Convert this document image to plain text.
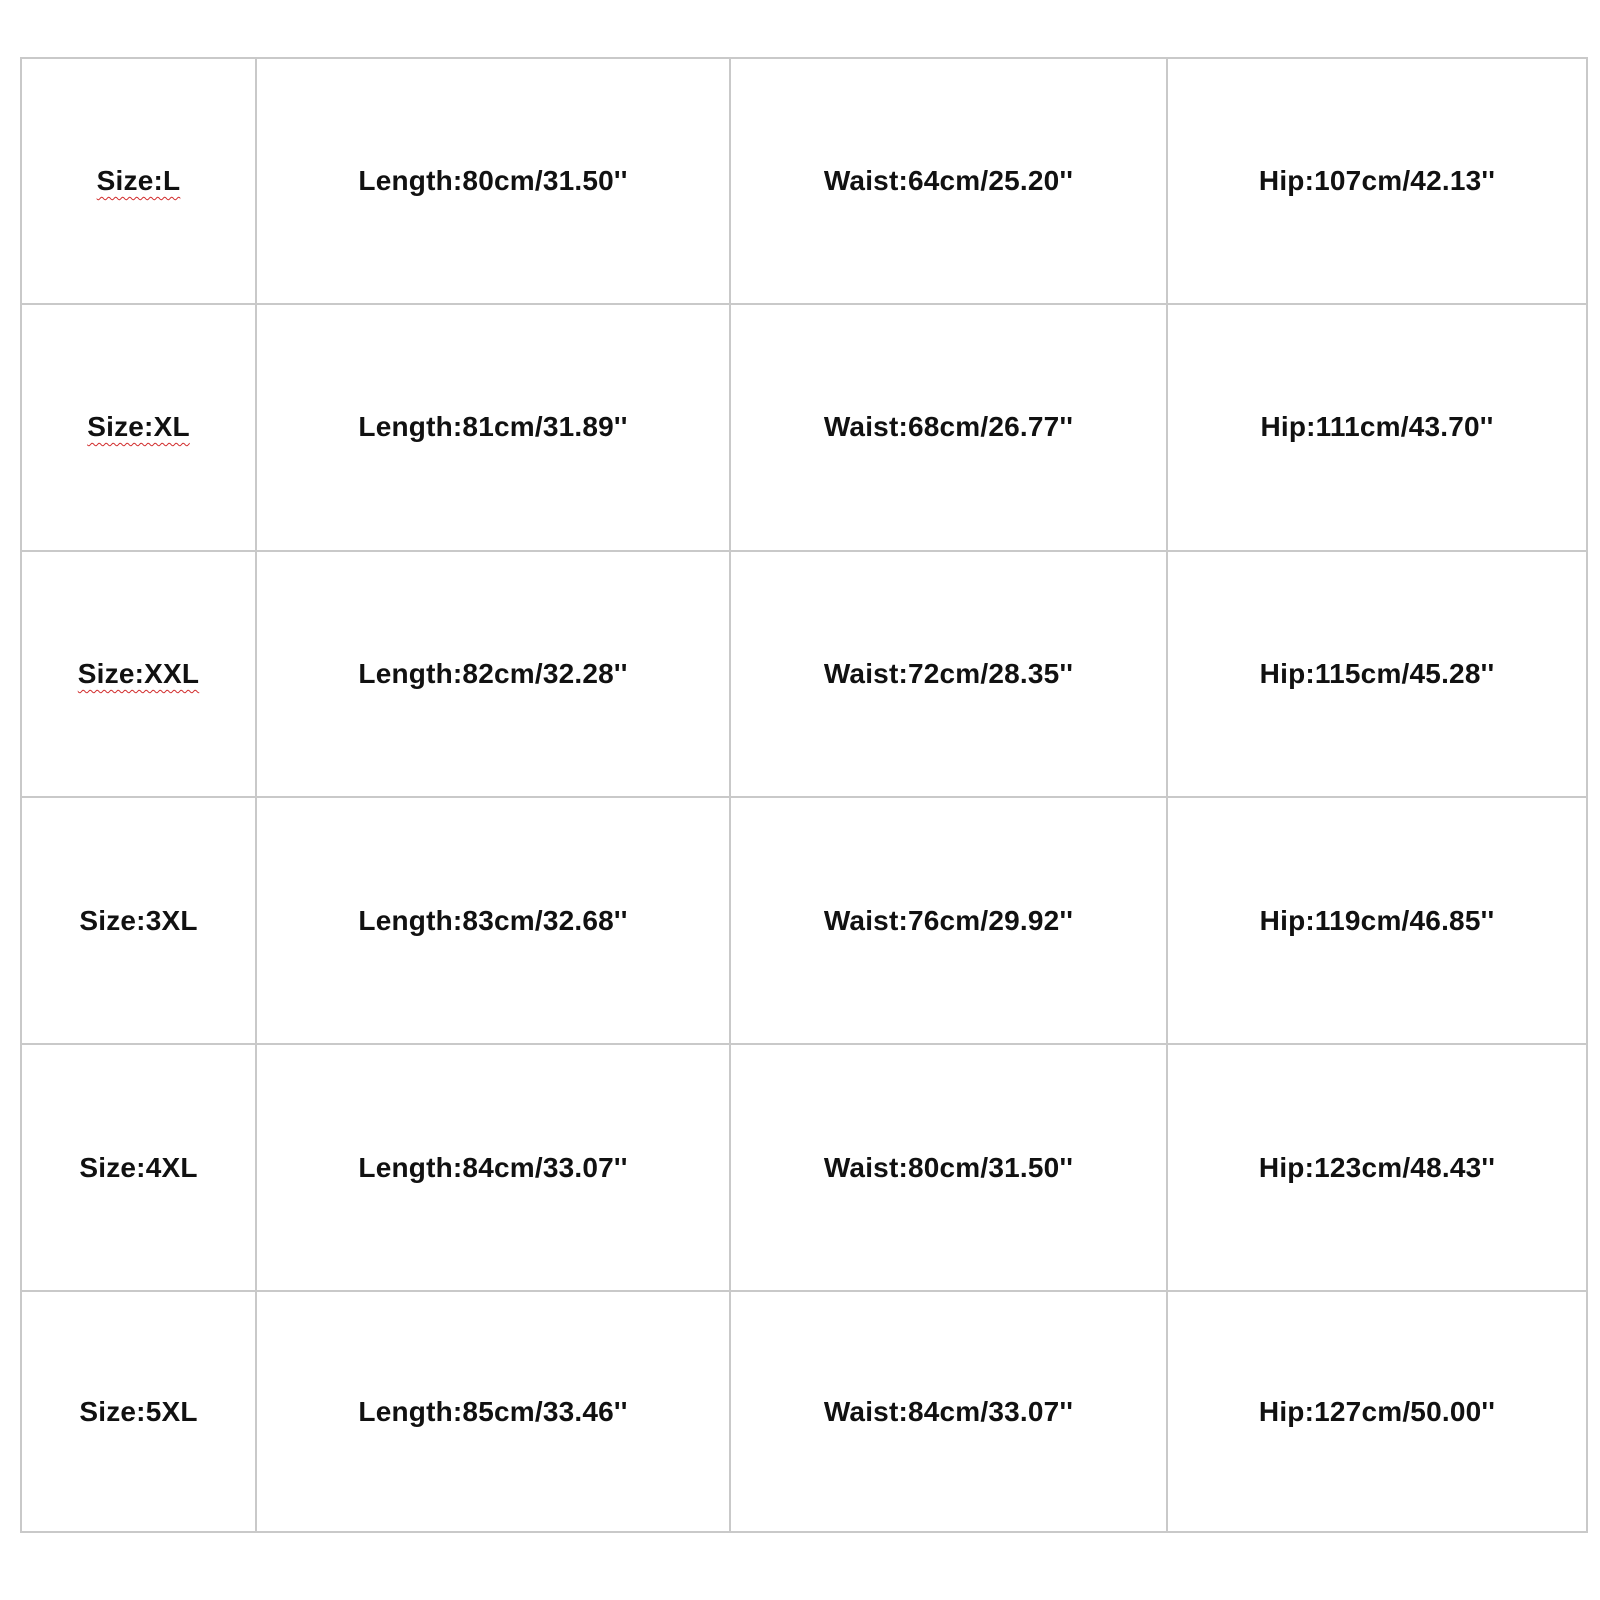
Size:L	Length:80cm/31.50''	Waist:64cm/25.20''	Hip:107cm/42.13''
Size:XL	Length:81cm/31.89''	Waist:68cm/26.77''	Hip:111cm/43.70''
Size:XXL	Length:82cm/32.28''	Waist:72cm/28.35''	Hip:115cm/45.28''
Size:3XL	Length:83cm/32.68''	Waist:76cm/29.92''	Hip:119cm/46.85''
Size:4XL	Length:84cm/33.07''	Waist:80cm/31.50''	Hip:123cm/48.43''
Size:5XL	Length:85cm/33.46''	Waist:84cm/33.07''	Hip:127cm/50.00''
